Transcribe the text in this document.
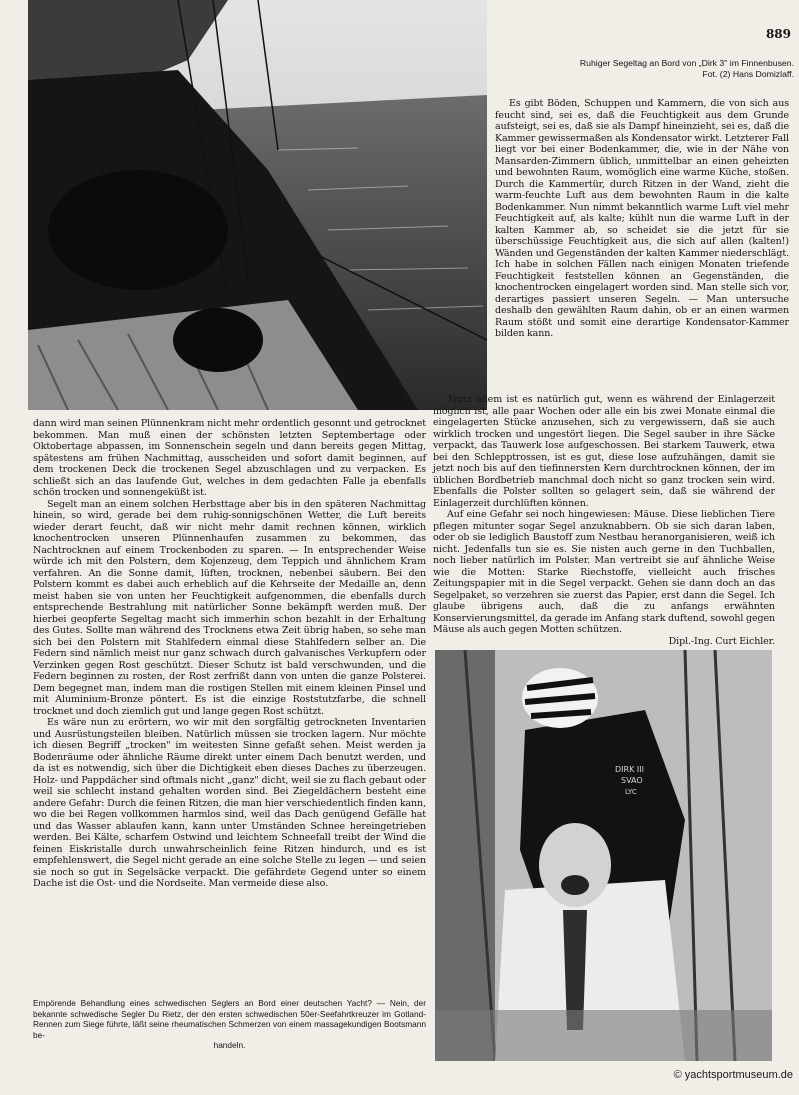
889
Ruhiger Segeltag an Bord von „Dirk 3" im Finnenbusen.
Fot. (2) Hans Domizlaff.

Es gibt Böden, Schuppen und Kammern, die von sich aus feucht sind, sei es, daß die Feuchtigkeit aus dem Grunde aufsteigt, sei es, daß sie als Dampf hineinzieht, sei es, daß die Kammer gewissermaßen als Kondensator wirkt. Letzterer Fall liegt vor bei einer Bodenkammer, die, wie in der Nähe von Mansarden-Zimmern üblich, unmittelbar an einen geheizten und bewohnten Raum, womöglich eine warme Küche, stoßen. Durch die Kammertür, durch Ritzen in der Wand, zieht die warm-feuchte Luft aus dem bewohnten Raum in die kalte Bodenkammer. Nun nimmt bekanntlich warme Luft viel mehr Feuchtigkeit auf, als kalte; kühlt nun die warme Luft in der kalten Kammer ab, so scheidet sie die jetzt für sie überschüssige Feuchtigkeit aus, die sich auf allen (kalten!) Wänden und Gegenständen der kalten Kammer niederschlägt. Ich habe in solchen Fällen nach einigen Monaten triefende Feuchtigkeit feststellen können an Gegenständen, die knochentrocken eingelagert worden sind. Man stelle sich vor, derartiges passiert unseren Segeln. — Man untersuche deshalb den gewählten Raum dahin, ob er an einen warmen Raum stößt und somit eine derartige Kondensator-Kammer bilden kann.

Trotz allem ist es natürlich gut, wenn es während der Einlagerzeit möglich ist, alle paar Wochen oder alle ein bis zwei Monate einmal die eingelagerten Stücke anzusehen, sich zu vergewissern, daß sie auch wirklich trocken und ungestört liegen. Die Segel sauber in ihre Säcke verpackt, das Tauwerk lose aufgeschossen. Bei starkem Tauwerk, etwa bei den Schlepptrossen, ist es gut, diese lose aufzuhängen, damit sie jetzt noch bis auf den tiefinnersten Kern durchtrocknen können, der im üblichen Bordbetrieb manchmal doch nicht so ganz trocken sein wird. Ebenfalls die Polster sollten so gelagert sein, daß sie während der Einlagerzeit durchlüften können.

Auf eine Gefahr sei noch hingewiesen: Mäuse. Diese lieblichen Tiere pflegen mitunter sogar Segel anzuknabbern. Ob sie sich daran laben, oder ob sie lediglich Baustoff zum Nestbau heranorganisieren, weiß ich nicht. Jedenfalls tun sie es. Sie nisten auch gerne in den Tuchballen, noch lieber natürlich im Polster. Man vertreibt sie auf ähnliche Weise wie die Motten: Starke Riechstoffe, vielleicht auch frisches Zeitungspapier mit in die Segel verpackt. Gehen sie dann doch an das Segelpaket, so verzehren sie zuerst das Papier, erst dann die Segel. Ich glaube übrigens auch, daß die zu anfangs erwähnten Konservierungsmittel, da gerade im Anfang stark duftend, sowohl gegen Mäuse als auch gegen Motten schützen.

Dipl.-Ing. Curt Eichler.

dann wird man seinen Plünnenkram nicht mehr ordentlich gesonnt und getrocknet bekommen. Man muß einen der schönsten letzten Septembertage oder Oktobertage abpassen, im Sonnenschein segeln und dann bereits gegen Mittag, spätestens am frühen Nachmittag, ausscheiden und sofort damit beginnen, auf dem trockenen Deck die trockenen Segel abzuschlagen und zu verpacken. Es schließt sich an das laufende Gut, welches in dem gedachten Falle ja ebenfalls schön trocken und sonnengeküßt ist.

Segelt man an einem solchen Herbsttage aber bis in den späteren Nachmittag hinein, so wird, gerade bei dem ruhig-sonnigschönen Wetter, die Luft bereits wieder derart feucht, daß wir nicht mehr damit rechnen können, wirklich knochentrocken unseren Plünnenhaufen zusammen zu bekommen, das Nachtrocknen auf einem Trockenboden zu sparen. — In entsprechender Weise würde ich mit den Polstern, dem Kojenzeug, dem Teppich und ähnlichem Kram verfahren. An die Sonne damit, lüften, trocknen, nebenbei säubern. Bei den Polstern kommt es dabei auch erheblich auf die Kehrseite der Medaille an, denn meist haben sie von unten her Feuchtigkeit aufgenommen, die ebenfalls durch entsprechende Bestrahlung mit natürlicher Sonne bekämpft werden muß. Der hierbei geopferte Segeltag macht sich immerhin schon bezahlt in der Erhaltung des Gutes. Sollte man während des Trocknens etwa Zeit übrig haben, so sehe man sich bei den Polstern mit Stahlfedern einmal diese Stahlfedern selber an. Die Federn sind nämlich meist nur ganz schwach durch galvanisches Verkupfern oder Verzinken gegen Rost geschützt. Dieser Schutz ist bald verschwunden, und die Federn beginnen zu rosten, der Rost zerfrißt dann von unten die ganze Polsterei. Dem begegnet man, indem man die rostigen Stellen mit einem kleinen Pinsel und mit Aluminium-Bronze pöntert. Es ist die einzige Roststutzfarbe, die schnell trocknet und doch ziemlich gut und lange gegen Rost schützt.

Es wäre nun zu erörtern, wo wir mit den sorgfältig getrockneten Inventarien und Ausrüstungsteilen bleiben. Natürlich müssen sie trocken lagern. Nur möchte ich diesen Begriff „trocken" im weitesten Sinne gefaßt sehen. Meist werden ja Bodenräume oder ähnliche Räume direkt unter einem Dach benutzt werden, und da ist es notwendig, sich über die Dichtigkeit eben dieses Daches zu überzeugen. Holz- und Pappdächer sind oftmals nicht „ganz" dicht, weil sie zu flach gebaut oder weil sie schlecht instand gehalten worden sind. Bei Ziegeldächern besteht eine andere Gefahr: Durch die feinen Ritzen, die man hier verschiedentlich finden kann, wo die bei Regen vollkommen harmlos sind, weil das Dach genügend Gefälle hat und das Wasser ablaufen kann, kann unter Umständen Schnee hereingetrieben werden. Bei Kälte, scharfem Ostwind und leichtem Schneefall treibt der Wind die feinen Eiskristalle durch unwahrscheinlich feine Ritzen hindurch, und es ist empfehlenswert, die Segel nicht gerade an eine solche Stelle zu legen — und seien sie noch so gut in Segelsäcke verpackt. Die gefährdete Gegend unter so einem Dache ist die Ost- und die Nordseite. Man vermeide diese also.

Empörende Behandlung eines schwedischen Seglers an Bord einer deutschen Yacht? — Nein, der bekannte schwedische Segler Du Rietz, der den ersten schwedischen 50er-Seefahrtkreuzer im Gotland-Rennen zum Siege führte, läßt seine rheumatischen Schmerzen von einem massagekundigen Bootsmann be-
handeln.
DIRK III
SVAO
LYC
© yachtsportmuseum.de
